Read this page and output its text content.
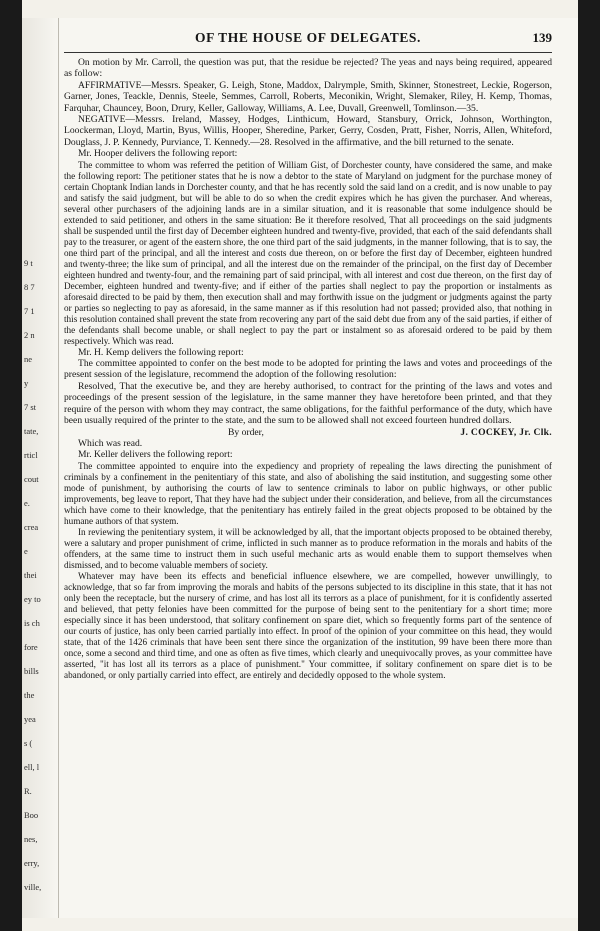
9 t
8 7
7 1
2 n
ne
y
7 st
tate,
rticl
cout
e.
crea
e
thei
ey to
is ch
fore
bills
the
yea
s (
ell, l
R.
Boo
nes,
erry,
ville,
OF THE HOUSE OF DELEGATES.	139

On motion by Mr. Carroll, the question was put, that the residue be rejected? The yeas and nays being required, appeared as follow:

AFFIRMATIVE—Messrs. Speaker, G. Leigh, Stone, Maddox, Dalrymple, Smith, Skinner, Stonestreet, Leckie, Rogerson, Garner, Jones, Teackle, Dennis, Steele, Semmes, Carroll, Roberts, Meconikin, Wright, Slemaker, Riley, H. Kemp, Thomas, Farquhar, Chauncey, Boon, Drury, Keller, Galloway, Williams, A. Lee, Duvall, Greenwell, Tomlinson.—35.

NEGATIVE—Messrs. Ireland, Massey, Hodges, Linthicum, Howard, Stansbury, Orrick, Johnson, Worthington, Loockerman, Lloyd, Martin, Byus, Willis, Hooper, Sheredine, Parker, Gerry, Cosden, Pratt, Fisher, Norris, Allen, Whiteford, Douglass, J. P. Kennedy, Purviance, T. Kennedy.—28. Resolved in the affirmative, and the bill returned to the senate.

Mr. Hooper delivers the following report:

The committee to whom was referred the petition of William Gist, of Dorchester county, have considered the same, and make the following report: The petitioner states that he is now a debtor to the state of Maryland on judgment for the purchase money of certain Choptank Indian lands in Dorchester county, and that he has recently sold the said land on a credit, and is now unable to pay and satisfy the said judgment, but will be able to do so when the credit expires which he has given the purchaser. And whereas, several other purchasers of the adjoining lands are in a similar situation, and it is reasonable that some indulgence should be extended to said petitioner, and others in the same situation: Be it therefore resolved, That all proceedings on the said judgments shall be suspended until the first day of December eighteen hundred and twenty-five, provided, that each of the said defendants shall pay to the treasurer, or agent of the eastern shore, the one third part of the said judgments, in the manner following, that is to say, the one third part of the principal, and all the interest and costs due thereon, on or before the first day of December, eighteen hundred and twenty-three; the like sum of principal, and all the interest due on the remainder of the principal, on the first day of December eighteen hundred and twenty-four, and the remaining part of said principal, with all interest and cost due thereon, on the first day of December, eighteen hundred and twenty-five; and if either of the parties shall neglect to pay the proportion or instalments as aforesaid directed to be paid by them, then execution shall and may forthwith issue on the judgment or judgments against the party or parties so neglecting to pay as aforesaid, in the same manner as if this resolution had not passed; provided also, that nothing in this resolution contained shall prevent the state from recovering any part of the said debt due from any of the said parties, if either of the defendants shall become unable, or shall neglect to pay the part or instalment so as aforesaid ordered to be paid by them respectively. Which was read.

Mr. H. Kemp delivers the following report:

The committee appointed to confer on the best mode to be adopted for printing the laws and votes and proceedings of the present session of the legislature, recommend the adoption of the following resolution:

Resolved, That the executive be, and they are hereby authorised, to contract for the printing of the laws and votes and proceedings of the present session of the legislature, in the same manner they have heretofore been printed, and that they require of the person with whom they may contract, the same obligations, for the faithful performance of the duty, which have been usually required of the printer to the state, and the sum to be allowed shall not exceed fourteen hundred dollars.

By order,	J. COCKEY, Jr. Clk.

Which was read.

Mr. Keller delivers the following report:

The committee appointed to enquire into the expediency and propriety of repealing the laws directing the punishment of criminals by a confinement in the penitentiary of this state, and also of abolishing the said institution, and suggesting some other mode of punishment, by authorising the courts of law to sentence criminals to labor on public highways, or other public improvements, beg leave to report, That they have had the subject under their consideration, and believe, from all the circumstances which have come to their knowledge, that the penitentiary has entirely failed in the great objects proposed to be obtained by the humane authors of that system.

In reviewing the penitentiary system, it will be acknowledged by all, that the important objects proposed to be obtained thereby, were a salutary and proper punishment of crime, inflicted in such manner as to produce reformation in the morals and habits of the offenders, at the same time to instruct them in such useful mechanic arts as would enable them to support themselves when dismissed, and to become valuable members of society.

Whatever may have been its effects and beneficial influence elsewhere, we are compelled, however unwillingly, to acknowledge, that so far from improving the morals and habits of the persons subjected to its discipline in this state, that it has not only been the receptacle, but the nursery of crime, and has lost all its terrors as a place of punishment, for it is confidently asserted and believed, that petty felonies have been committed for the purpose of being sent to the penitentiary for a short time; more especially since it has been understood, that solitary confinement on spare diet, which so frequently forms part of the sentence of our courts of justice, has only been carried partially into effect. In proof of the opinion of your committee on this head, they would state, that of the 1426 criminals that have been sent there since the organization of the institution, 99 have been there more than once, some a second and third time, and one as often as five times, which clearly and unequivocally proves, as your committee have asserted, "it has lost all its terrors as a place of punishment." Your committee, if solitary confinement on spare diet is to be abandoned, or only partially carried into effect, are entirely and decidedly opposed to the whole system.
